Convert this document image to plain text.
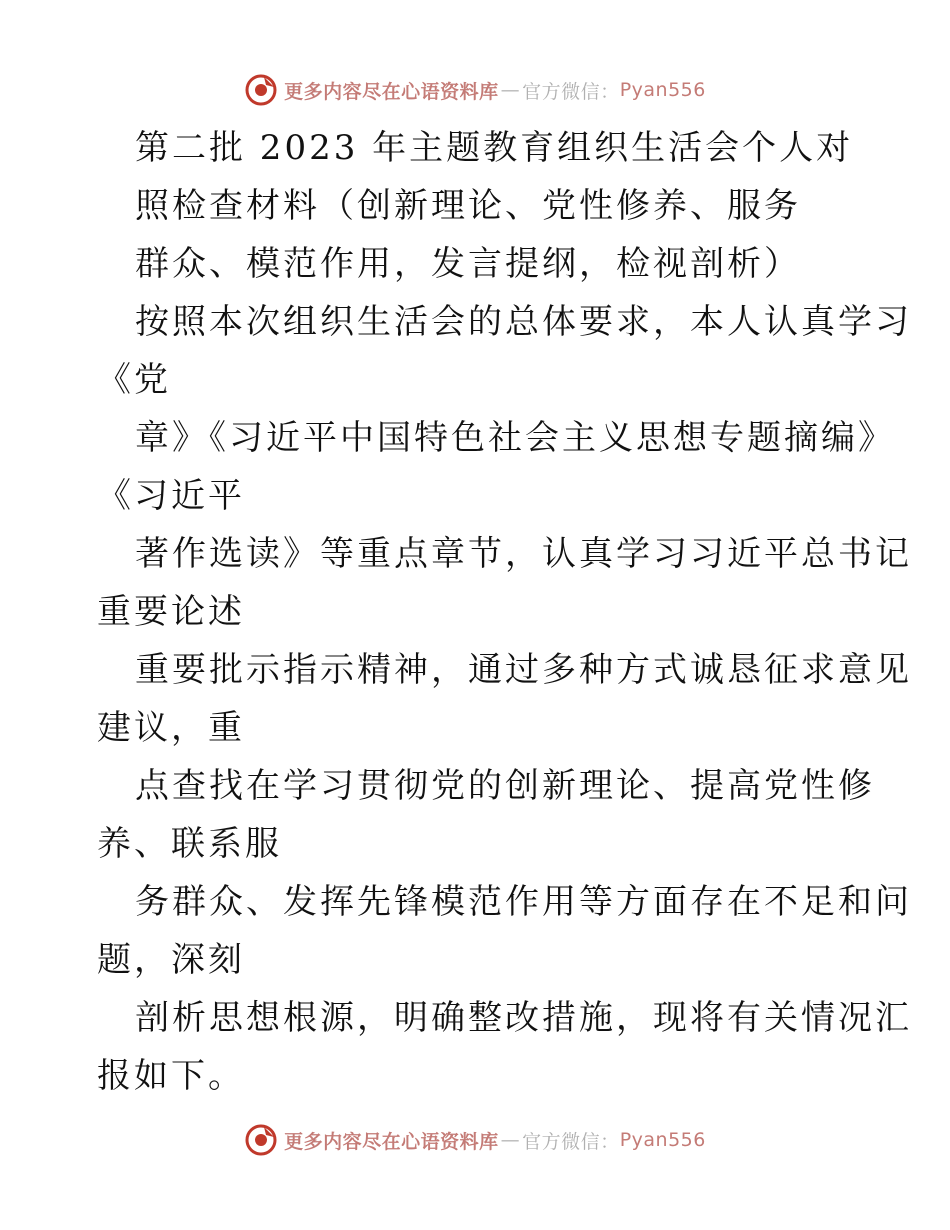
更多内容尽在心语资料库 — 官方微信： Pyan556
第二批 2023 年主题教育组织生活会个人对
照检查材料（创新理论、党性修养、服务
群众、模范作用，发言提纲，检视剖析）
按照本次组织生活会的总体要求，本人认真学习
《党
章》《习近平中国特色社会主义思想专题摘编》
《习近平
著作选读》等重点章节，认真学习习近平总书记
重要论述
重要批示指示精神，通过多种方式诚恳征求意见
建议，重
点查找在学习贯彻党的创新理论、提高党性修
养、联系服
务群众、发挥先锋模范作用等方面存在不足和问
题，深刻
剖析思想根源，明确整改措施，现将有关情况汇
报如下。
更多内容尽在心语资料库 — 官方微信： Pyan556
